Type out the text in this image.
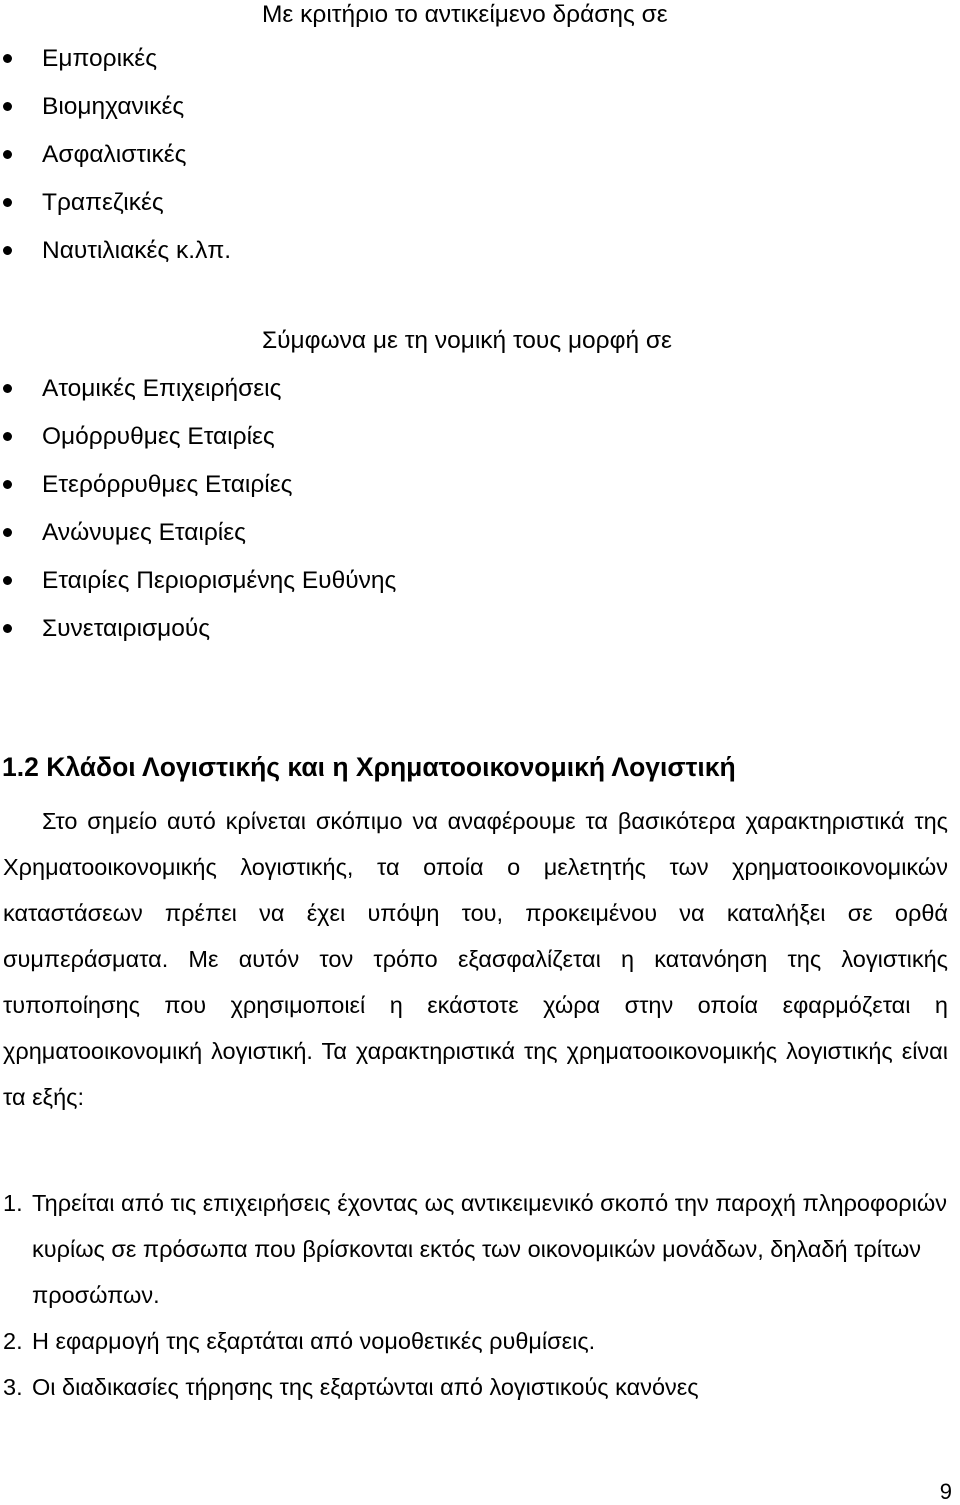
Με κριτήριο το αντικείμενο δράσης σε

Εμπορικές
Βιομηχανικές
Ασφαλιστικές
Τραπεζικές
Ναυτιλιακές κ.λπ.

Σύμφωνα με τη νομική τους μορφή σε

Ατομικές Επιχειρήσεις
Ομόρρυθμες Εταιρίες
Ετερόρρυθμες Εταιρίες
Ανώνυμες Εταιρίες
Εταιρίες Περιορισμένης Ευθύνης
Συνεταιρισμούς
1.2 Κλάδοι Λογιστικής και η Χρηματοοικονομική Λογιστική

Στο σημείο αυτό κρίνεται σκόπιμο να αναφέρουμε τα βασικότερα χαρακτηριστικά της Χρηματοοικονομικής λογιστικής, τα οποία ο μελετητής των χρηματοοικονομικών καταστάσεων πρέπει να έχει υπόψη του, προκειμένου να καταλήξει σε ορθά συμπεράσματα. Με αυτόν τον τρόπο εξασφαλίζεται η κατανόηση της λογιστικής τυποποίησης που χρησιμοποιεί η εκάστοτε χώρα στην οποία εφαρμόζεται η χρηματοοικονομική λογιστική. Τα χαρακτηριστικά της χρηματοοικονομικής λογιστικής είναι τα εξής:

1. Τηρείται από τις επιχειρήσεις έχοντας ως αντικειμενικό σκοπό την παροχή πληροφοριών κυρίως σε πρόσωπα που βρίσκονται εκτός των οικονομικών μονάδων, δηλαδή τρίτων προσώπων.
2. Η εφαρμογή της εξαρτάται από νομοθετικές ρυθμίσεις.
3. Οι διαδικασίες τήρησης της εξαρτώνται από λογιστικούς κανόνες
9
